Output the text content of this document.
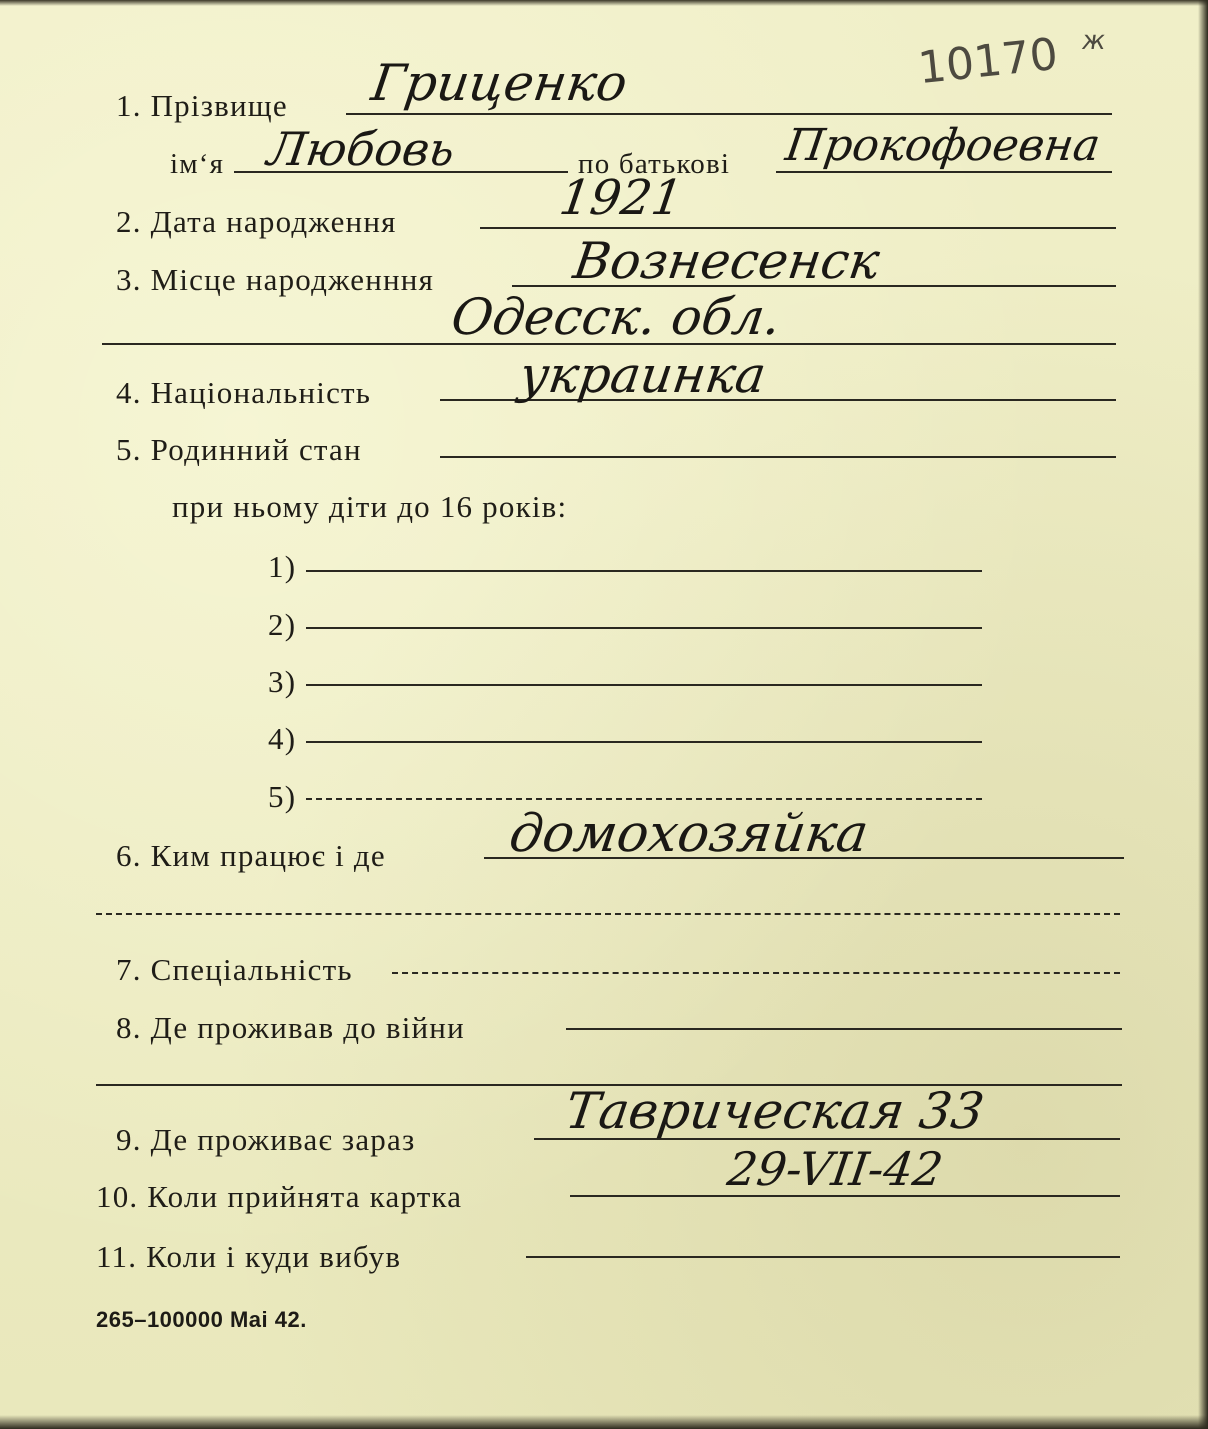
10170 ж
1. Прізвище Гриценко
ім‘я Любовь	по батькові Прокофоевна
2. Дата народження	1921
3. Місце народженння	Вознесенск
Одесск. обл.
4. Національність	украинка
5. Родинний стан
при ньому діти до 16 років:
1)
2)
3)
4)
5)
6. Ким працює і де домохозяйка
7. Спеціальність
8. Де проживав до війни
9. Де проживає зараз	Таврическая 33
10. Коли прийнята картка
29-VII-42
11. Коли і куди вибув
265–100000 Mai 42.
